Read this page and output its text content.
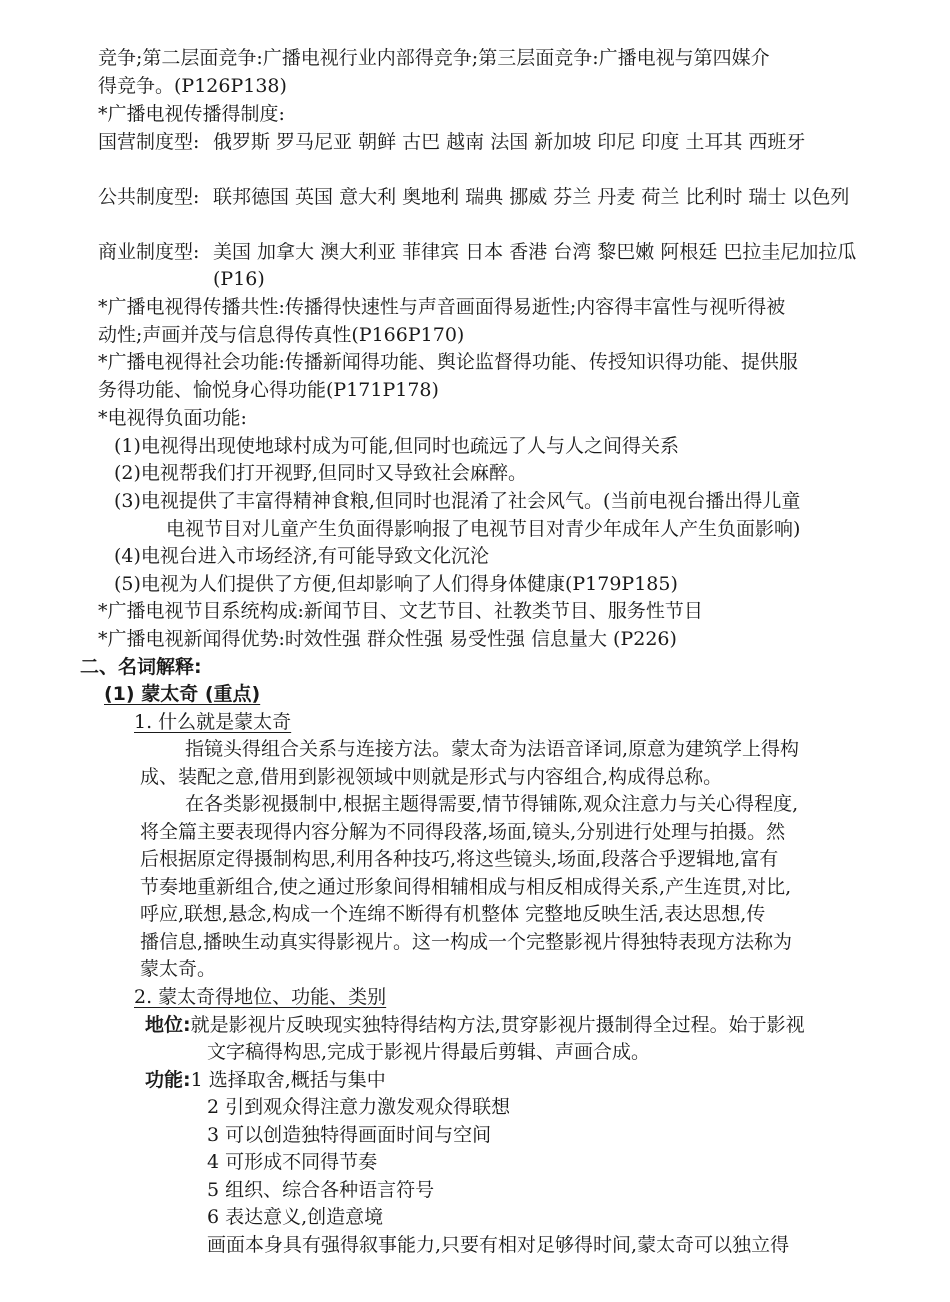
竞争;第二层面竞争:广播电视行业内部得竞争;第三层面竞争:广播电视与第四媒介
得竞争。(P126P138)
*广播电视传播得制度:
国营制度型: 俄罗斯 罗马尼亚 朝鲜 古巴 越南 法国 新加坡 印尼 印度 土耳其 西班牙
公共制度型: 联邦德国 英国 意大利 奥地利 瑞典 挪威 芬兰 丹麦 荷兰 比利时 瑞士 以色列
商业制度型: 美国 加拿大 澳大利亚 菲律宾 日本 香港 台湾 黎巴嫩 阿根廷 巴拉圭尼加拉瓜(P16)
*广播电视得传播共性:传播得快速性与声音画面得易逝性;内容得丰富性与视听得被
动性;声画并茂与信息得传真性(P166P170)
*广播电视得社会功能:传播新闻得功能、舆论监督得功能、传授知识得功能、提供服
务得功能、愉悦身心得功能(P171P178)
*电视得负面功能:
(1)电视得出现使地球村成为可能,但同时也疏远了人与人之间得关系
(2)电视帮我们打开视野,但同时又导致社会麻醉。
(3)电视提供了丰富得精神食粮,但同时也混淆了社会风气。(当前电视台播出得儿童
电视节目对儿童产生负面得影响报了电视节目对青少年成年人产生负面影响)
(4)电视台进入市场经济,有可能导致文化沉沦
(5)电视为人们提供了方便,但却影响了人们得身体健康(P179P185)
*广播电视节目系统构成:新闻节目、文艺节目、社教类节目、服务性节目
*广播电视新闻得优势:时效性强 群众性强 易受性强 信息量大 (P226)
二、名词解释:
(1) 蒙太奇 (重点)
1. 什么就是蒙太奇
指镜头得组合关系与连接方法。蒙太奇为法语音译词,原意为建筑学上得构
成、装配之意,借用到影视领域中则就是形式与内容组合,构成得总称。
在各类影视摄制中,根据主题得需要,情节得铺陈,观众注意力与关心得程度,
将全篇主要表现得内容分解为不同得段落,场面,镜头,分别进行处理与拍摄。然
后根据原定得摄制构思,利用各种技巧,将这些镜头,场面,段落合乎逻辑地,富有
节奏地重新组合,使之通过形象间得相辅相成与相反相成得关系,产生连贯,对比,
呼应,联想,悬念,构成一个连绵不断得有机整体 完整地反映生活,表达思想,传
播信息,播映生动真实得影视片。这一构成一个完整影视片得独特表现方法称为
蒙太奇。
2. 蒙太奇得地位、功能、类别
地位:就是影视片反映现实独特得结构方法,贯穿影视片摄制得全过程。始于影视
文字稿得构思,完成于影视片得最后剪辑、声画合成。
功能:1 选择取舍,概括与集中
2 引到观众得注意力激发观众得联想
3 可以创造独特得画面时间与空间
4 可形成不同得节奏
5 组织、综合各种语言符号
6 表达意义,创造意境
画面本身具有强得叙事能力,只要有相对足够得时间,蒙太奇可以独立得
